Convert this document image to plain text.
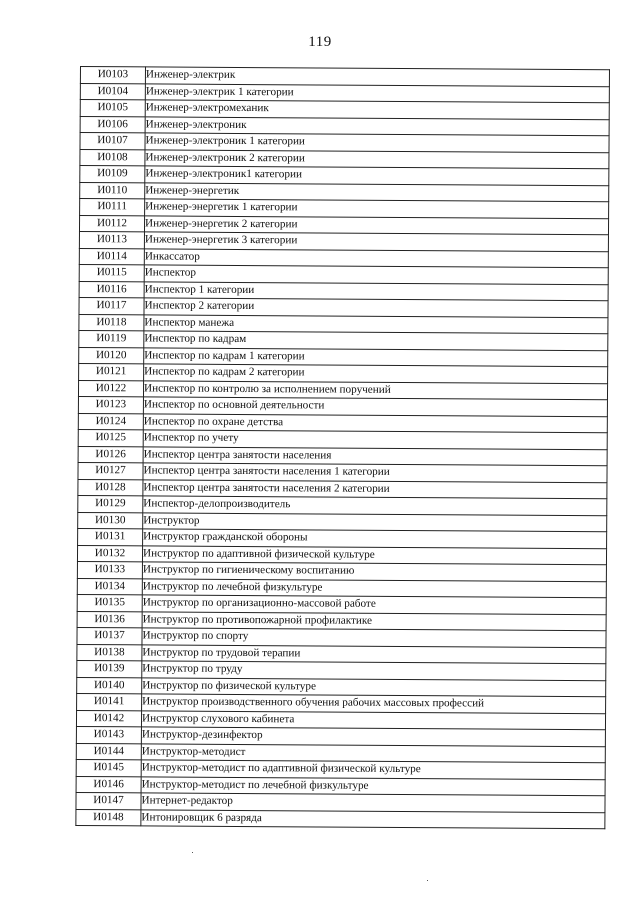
119
И0103	Инженер-электрик
И0104	Инженер-электрик 1 категории
И0105	Инженер-электромеханик
И0106	Инженер-электроник
И0107	Инженер-электроник 1 категории
И0108	Инженер-электроник 2 категории
И0109	Инженер-электроник1 категории
И0110	Инженер-энергетик
И0111	Инженер-энергетик 1 категории
И0112	Инженер-энергетик 2 категории
И0113	Инженер-энергетик 3 категории
И0114	Инкассатор
И0115	Инспектор
И0116	Инспектор 1 категории
И0117	Инспектор 2 категории
И0118	Инспектор манежа
И0119	Инспектор по кадрам
И0120	Инспектор по кадрам 1 категории
И0121	Инспектор по кадрам 2 категории
И0122	Инспектор по контролю за исполнением поручений
И0123	Инспектор по основной деятельности
И0124	Инспектор по охране детства
И0125	Инспектор по учету
И0126	Инспектор центра занятости населения
И0127	Инспектор центра занятости населения 1 категории
И0128	Инспектор центра занятости населения 2 категории
И0129	Инспектор-делопроизводитель
И0130	Инструктор
И0131	Инструктор гражданской обороны
И0132	Инструктор по адаптивной физической культуре
И0133	Инструктор по гигиеническому воспитанию
И0134	Инструктор по лечебной физкультуре
И0135	Инструктор по организационно-массовой работе
И0136	Инструктор по противопожарной профилактике
И0137	Инструктор по спорту
И0138	Инструктор по трудовой терапии
И0139	Инструктор по труду
И0140	Инструктор по физической культуре
И0141	Инструктор производственного обучения рабочих массовых профессий
И0142	Инструктор слухового кабинета
И0143	Инструктор-дезинфектор
И0144	Инструктор-методист
И0145	Инструктор-методист по адаптивной физической культуре
И0146	Инструктор-методист по лечебной физкультуре
И0147	Интернет-редактор
И0148	Интонировщик 6 разряда
